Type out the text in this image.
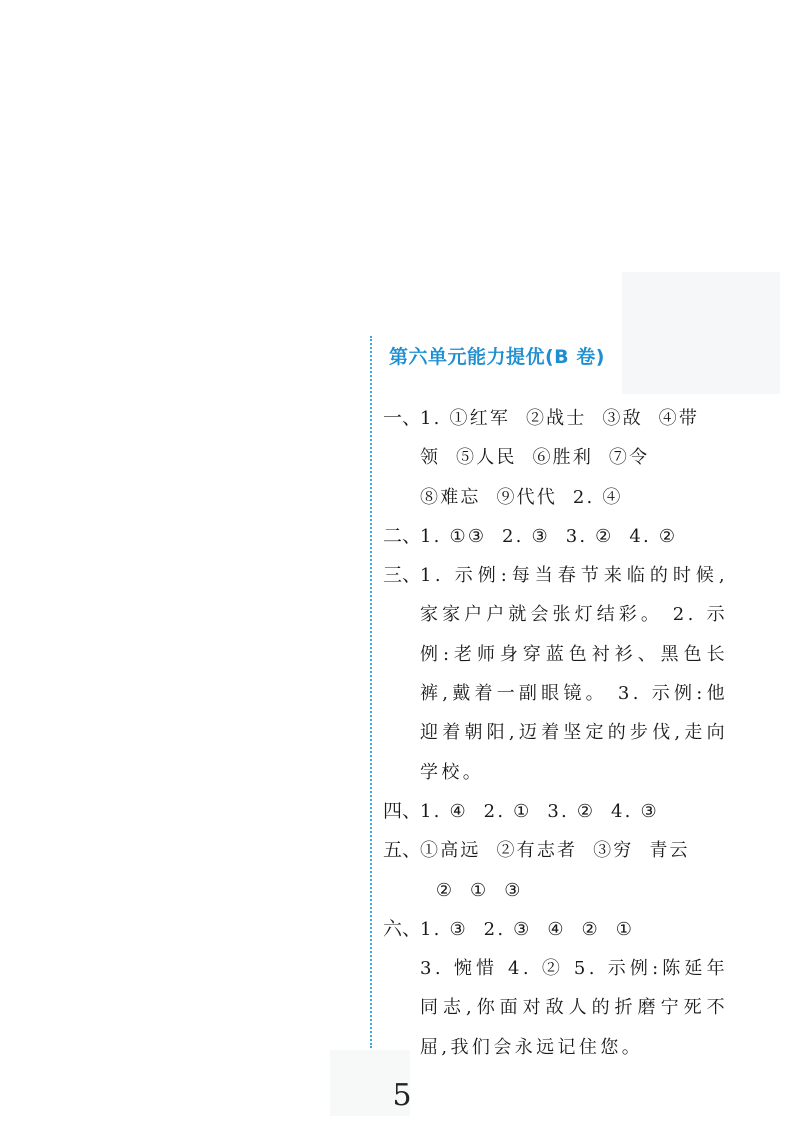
第六单元能力提优(B 卷)
一、
1. ①红军  ②战士  ③敌  ④带
领  ⑤人民  ⑥胜利  ⑦令
⑧难忘  ⑨代代  2. ④
二、
1. ①③  2. ③  3. ②  4. ②
三、
1. 示例:每当春节来临的时候,家家户户就会张灯结彩。 2. 示例:老师身穿蓝色衬衫、黑色长裤,戴着一副眼镜。 3. 示例:他迎着朝阳,迈着坚定的步伐,走向学校。
四、
1. ④  2. ①  3. ②  4. ③
五、
①高远  ②有志者  ③穷  青云
②  ①  ③
六、
1. ③  2. ③  ④  ②  ①
3. 惋惜 4. ② 5. 示例:陈延年同志,你面对敌人的折磨宁死不屈,我们会永远记住您。
5
